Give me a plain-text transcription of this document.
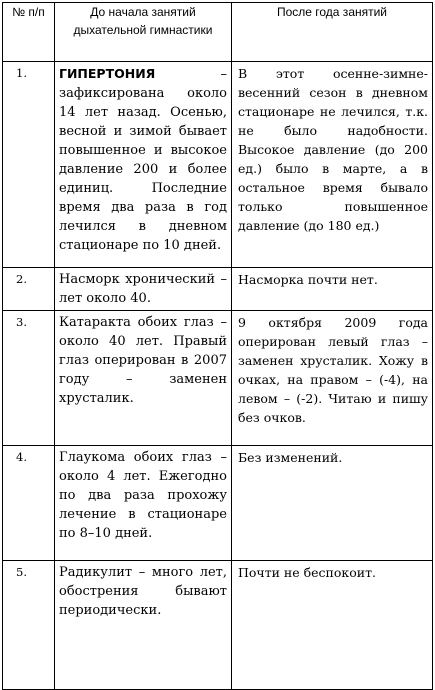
№ п/п	До начала занятий дыхательной гимнастики	После года занятий
1.	ГИПЕРТОНИЯ – зафиксирована около 14 лет назад. Осенью, весной и зимой бывает повышенное и высокое давление 200 и более единиц. Последние время два раза в год лечился в дневном стационаре по 10 дней.	В этот осенне-зимне-весенний сезон в дневном стационаре не лечился, т.к. не было надобности. Высокое давление (до 200 ед.) было в марте, а в остальное время бывало только повышенное давление (до 180 ед.)
2.	Насморк хронический – лет около 40.	Насморка почти нет.
3.	Катаракта обоих глаз – около 40 лет. Правый глаз оперирован в 2007 году – заменен хрусталик.	9 октября 2009 года оперирован левый глаз – заменен хрусталик. Хожу в очках, на правом – (-4), на левом – (-2). Читаю и пишу без очков.
4.	Глаукома обоих глаз – около 4 лет. Ежегодно по два раза прохожу лечение в стационаре по 8–10 дней.	Без изменений.
5.	Радикулит – много лет, обострения бывают периодически.	Почти не беспокоит.
